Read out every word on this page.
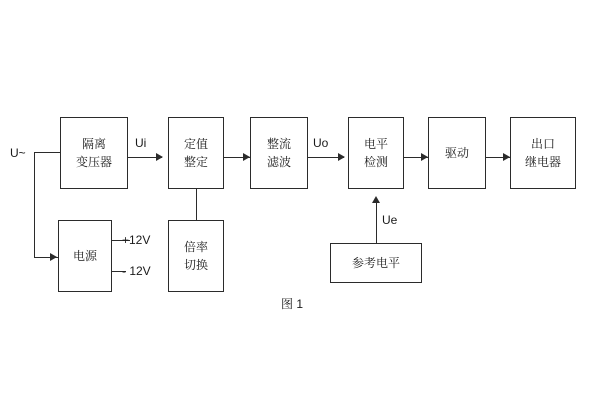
U~
隔离
变压器
Ui	定值
整定
整流
滤波
Uo	电平
检测
驱动
出口
继电器
电源
+12V
- 12V
倍率
切换	参考电平
Ue
图 1
